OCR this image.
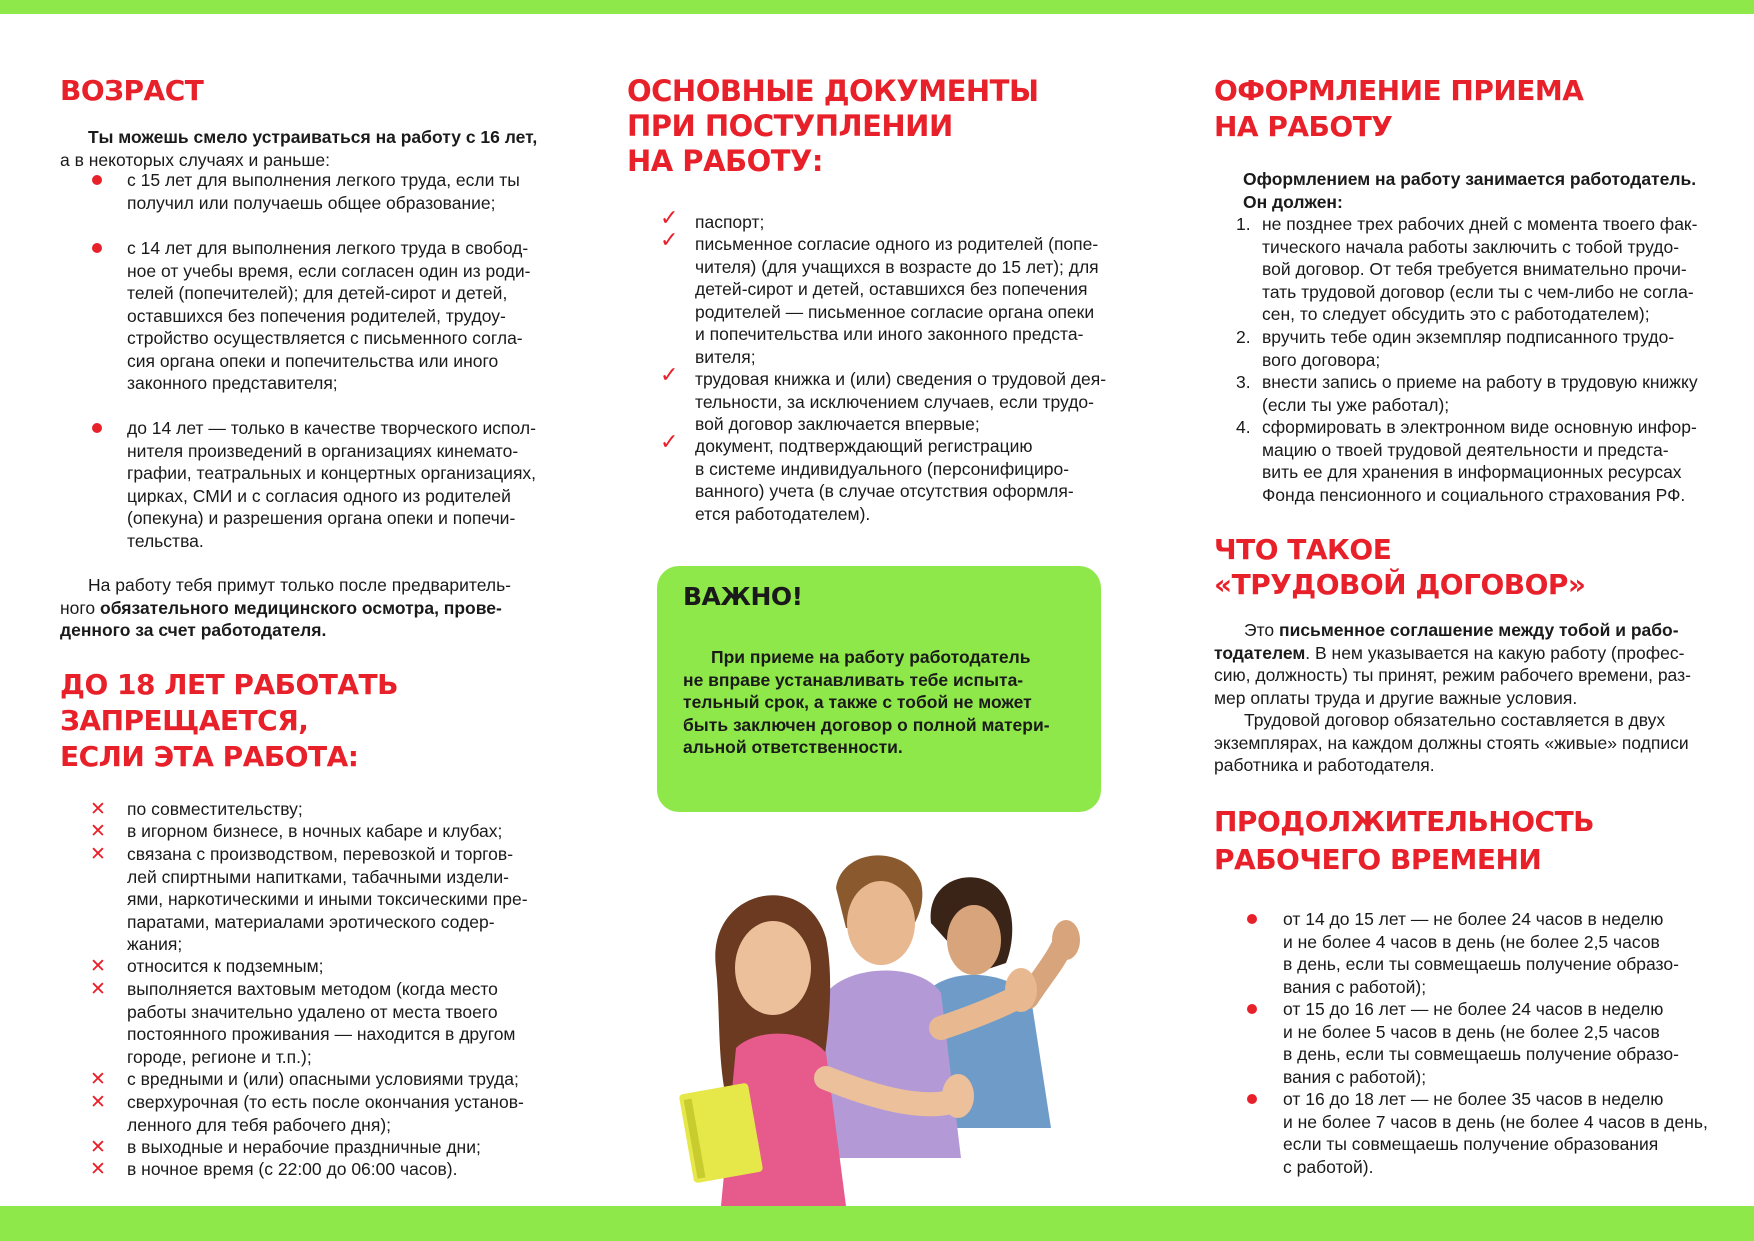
ВОЗРАСТ
Ты можешь смело устраиваться на работу с 16 лет,
а в некоторых случаях и раньше:
с 15 лет для выполнения легкого труда, если ты
получил или получаешь общее образование;
с 14 лет для выполнения легкого труда в свобод-
ное от учебы время, если согласен один из роди-
телей (попечителей); для детей-сирот и детей,
оставшихся без попечения родителей, трудоу-
стройство осуществляется с письменного согла-
сия органа опеки и попечительства или иного
законного представителя;
до 14 лет — только в качестве творческого испол-
нителя произведений в организациях кинемато-
графии, театральных и концертных организациях,
цирках, СМИ и с согласия одного из родителей
(опекуна) и разрешения органа опеки и попечи-
тельства.
На работу тебя примут только после предваритель-
ного обязательного медицинского осмотра, прове-
денного за счет работодателя.
ДО 18 ЛЕТ РАБОТАТЬ
ЗАПРЕЩАЕТСЯ,
ЕСЛИ ЭТА РАБОТА:
✕ по совместительству;
✕ в игорном бизнесе, в ночных кабаре и клубах;
✕ связана с производством, перевозкой и торгов-
лей спиртными напитками, табачными издели-
ями, наркотическими и иными токсическими пре-
паратами, материалами эротического содер-
жания;
✕ относится к подземным;
✕ выполняется вахтовым методом (когда место
работы значительно удалено от места твоего
постоянного проживания — находится в другом
городе, регионе и т.п.);
✕ с вредными и (или) опасными условиями труда;
✕ сверхурочная (то есть после окончания установ-
ленного для тебя рабочего дня);
✕ в выходные и нерабочие праздничные дни;
✕ в ночное время (с 22:00 до 06:00 часов).
ОСНОВНЫЕ ДОКУМЕНТЫ
ПРИ ПОСТУПЛЕНИИ
НА РАБОТУ:
✓ паспорт;
✓ письменное согласие одного из родителей (попе-
чителя) (для учащихся в возрасте до 15 лет); для
детей-сирот и детей, оставшихся без попечения
родителей — письменное согласие органа опеки
и попечительства или иного законного предста-
вителя;
✓ трудовая книжка и (или) сведения о трудовой дея-
тельности, за исключением случаев, если трудо-
вой договор заключается впервые;
✓ документ, подтверждающий регистрацию
в системе индивидуального (персонифициро-
ванного) учета (в случае отсутствия оформля-
ется работодателем).
ВАЖНО!
При приеме на работу работодатель
не вправе устанавливать тебе испыта-
тельный срок, а также с тобой не может
быть заключен договор о полной матери-
альной ответственности.
ОФОРМЛЕНИЕ ПРИЕМА
НА РАБОТУ
Оформлением на работу занимается работодатель.
Он должен:
1. не позднее трех рабочих дней с момента твоего фак-
тического начала работы заключить с тобой трудо-
вой договор. От тебя требуется внимательно прочи-
тать трудовой договор (если ты с чем-либо не согла-
сен, то следует обсудить это с работодателем);
2. вручить тебе один экземпляр подписанного трудо-
вого договора;
3. внести запись о приеме на работу в трудовую книжку
(если ты уже работал);
4. сформировать в электронном виде основную инфор-
мацию о твоей трудовой деятельности и предста-
вить ее для хранения в информационных ресурсах
Фонда пенсионного и социального страхования РФ.
ЧТО ТАКОЕ
«ТРУДОВОЙ ДОГОВОР»
Это письменное соглашение между тобой и рабо-
тодателем. В нем указывается на какую работу (профес-
сию, должность) ты принят, режим рабочего времени, раз-
мер оплаты труда и другие важные условия.
Трудовой договор обязательно составляется в двух
экземплярах, на каждом должны стоять «живые» подписи
работника и работодателя.
ПРОДОЛЖИТЕЛЬНОСТЬ
РАБОЧЕГО ВРЕМЕНИ
от 14 до 15 лет — не более 24 часов в неделю
и не более 4 часов в день (не более 2,5 часов
в день, если ты совмещаешь получение образо-
вания с работой);
от 15 до 16 лет — не более 24 часов в неделю
и не более 5 часов в день (не более 2,5 часов
в день, если ты совмещаешь получение образо-
вания с работой);
от 16 до 18 лет — не более 35 часов в неделю
и не более 7 часов в день (не более 4 часов в день,
если ты совмещаешь получение образования
с работой).
